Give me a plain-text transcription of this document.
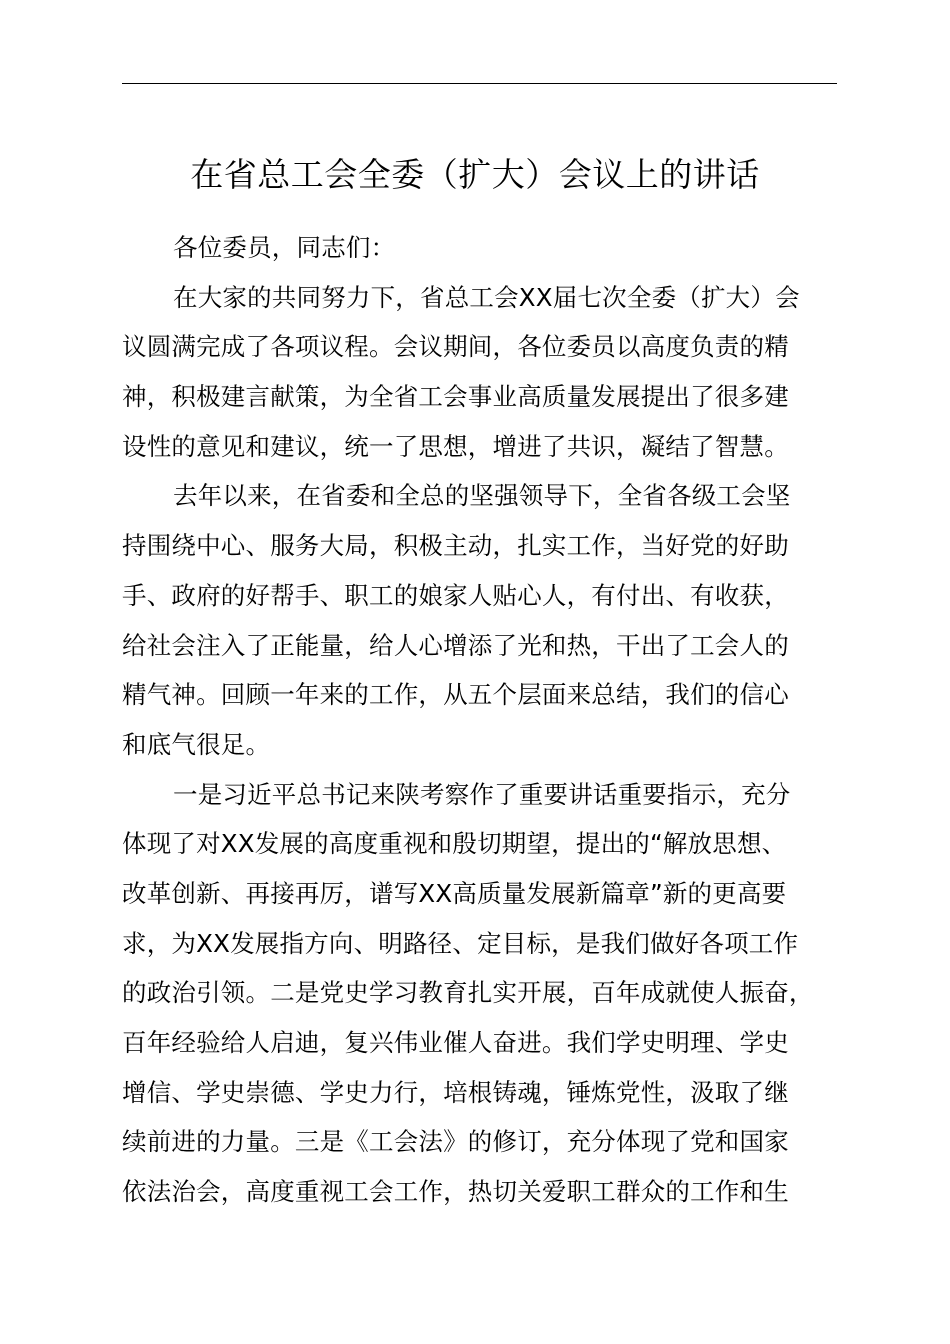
在省总工会全委（扩大）会议上的讲话
各位委员，同志们：
在大家的共同努力下，省总工会XX届七次全委（扩大）会
议圆满完成了各项议程。会议期间，各位委员以高度负责的精
神，积极建言献策，为全省工会事业高质量发展提出了很多建
设性的意见和建议，统一了思想，增进了共识，凝结了智慧。
去年以来，在省委和全总的坚强领导下，全省各级工会坚
持围绕中心、服务大局，积极主动，扎实工作，当好党的好助
手、政府的好帮手、职工的娘家人贴心人，有付出、有收获，
给社会注入了正能量，给人心增添了光和热，干出了工会人的
精气神。回顾一年来的工作，从五个层面来总结，我们的信心
和底气很足。
一是习近平总书记来陕考察作了重要讲话重要指示，充分
体现了对XX发展的高度重视和殷切期望，提出的“解放思想、
改革创新、再接再厉，谱写XX高质量发展新篇章”新的更高要
求，为XX发展指方向、明路径、定目标，是我们做好各项工作
的政治引领。二是党史学习教育扎实开展，百年成就使人振奋，
百年经验给人启迪，复兴伟业催人奋进。我们学史明理、学史
增信、学史崇德、学史力行，培根铸魂，锤炼党性，汲取了继
续前进的力量。三是《工会法》的修订，充分体现了党和国家
依法治会，高度重视工会工作，热切关爱职工群众的工作和生
